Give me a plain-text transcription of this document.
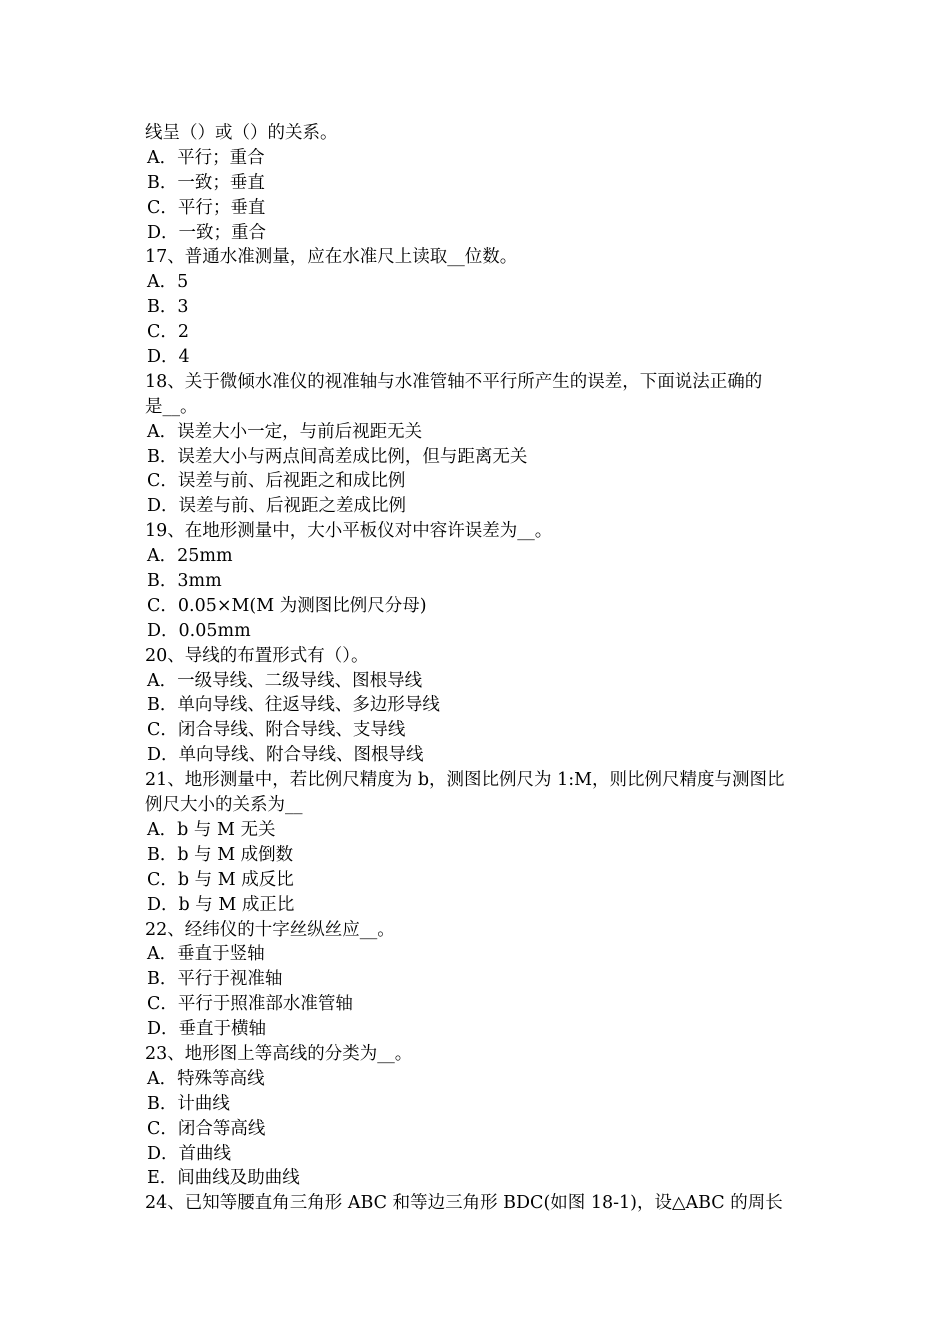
线呈（）或（）的关系。
A．平行；重合
B．一致；垂直
C．平行；垂直
D．一致；重合
17、普通水准测量，应在水准尺上读取__位数。
A．5
B．3
C．2
D．4
18、关于微倾水准仪的视准轴与水准管轴不平行所产生的误差，下面说法正确的
是__。
A．误差大小一定，与前后视距无关
B．误差大小与两点间高差成比例，但与距离无关
C．误差与前、后视距之和成比例
D．误差与前、后视距之差成比例
19、在地形测量中，大小平板仪对中容许误差为__。
A．25mm
B．3mm
C．0.05×M(M 为测图比例尺分母)
D．0.05mm
20、导线的布置形式有（）。
A．一级导线、二级导线、图根导线
B．单向导线、往返导线、多边形导线
C．闭合导线、附合导线、支导线
D．单向导线、附合导线、图根导线
21、地形测量中，若比例尺精度为 b，测图比例尺为 1:M，则比例尺精度与测图比
例尺大小的关系为__
A．b 与 M 无关
B．b 与 M 成倒数
C．b 与 M 成反比
D．b 与 M 成正比
22、经纬仪的十字丝纵丝应__。
A．垂直于竖轴
B．平行于视准轴
C．平行于照准部水准管轴
D．垂直于横轴
23、地形图上等高线的分类为__。
A．特殊等高线
B．计曲线
C．闭合等高线
D．首曲线
E．间曲线及助曲线
24、已知等腰直角三角形 ABC 和等边三角形 BDC(如图 18-1)，设△ABC 的周长
